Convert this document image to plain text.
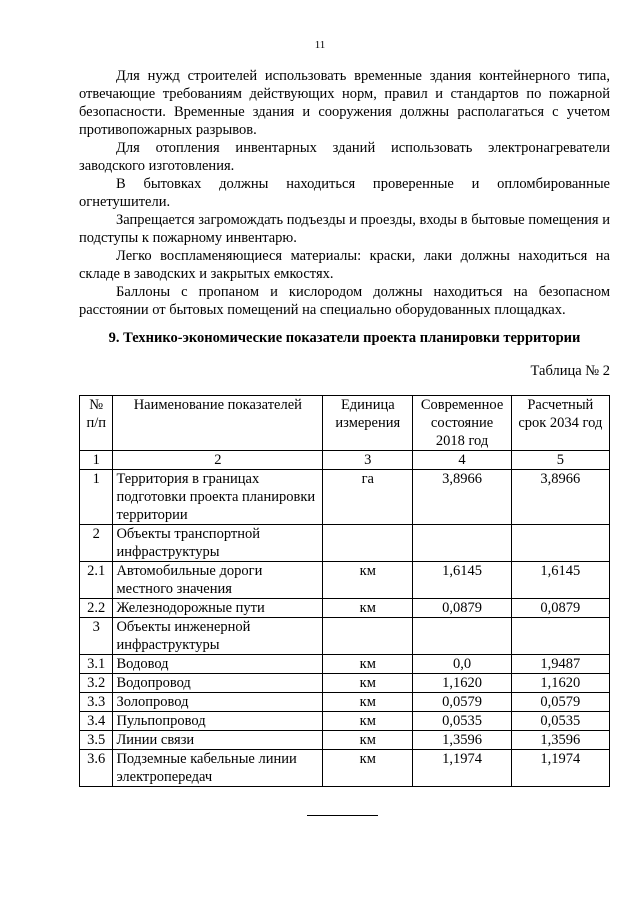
11

Для нужд строителей использовать временные здания контейнерного типа, отвечающие требованиям действующих норм, правил и стандартов по пожарной безопасности. Временные здания и сооружения должны располагаться с учетом противопожарных разрывов.

Для отопления инвентарных зданий использовать электронагреватели заводского изготовления.

В бытовках должны находиться проверенные и опломбированные огнетушители.

Запрещается загромождать подъезды и проезды, входы в бытовые помещения и подступы к пожарному инвентарю.

Легко воспламеняющиеся материалы: краски, лаки должны находиться на складе в заводских и закрытых емкостях.

Баллоны с пропаном и кислородом должны находиться на безопасном расстоянии от бытовых помещений на специально оборудованных площадках.

9. Технико-экономические показатели проекта планировки территории
Таблица № 2
№ п/п	Наименование показателей	Единица измерения	Современное состояние 2018 год	Расчетный срок 2034 год
1	2	3	4	5
1	Территория в границах подготовки проекта планировки территории	га	3,8966	3,8966
2	Объекты транспортной инфраструктуры			
2.1	Автомобильные дороги местного значения	км	1,6145	1,6145
2.2	Железнодорожные пути	км	0,0879	0,0879
3	Объекты инженерной инфраструктуры			
3.1	Водовод	км	0,0	1,9487
3.2	Водопровод	км	1,1620	1,1620
3.3	Золопровод	км	0,0579	0,0579
3.4	Пульпопровод	км	0,0535	0,0535
3.5	Линии связи	км	1,3596	1,3596
3.6	Подземные кабельные линии электропередач	км	1,1974	1,1974
